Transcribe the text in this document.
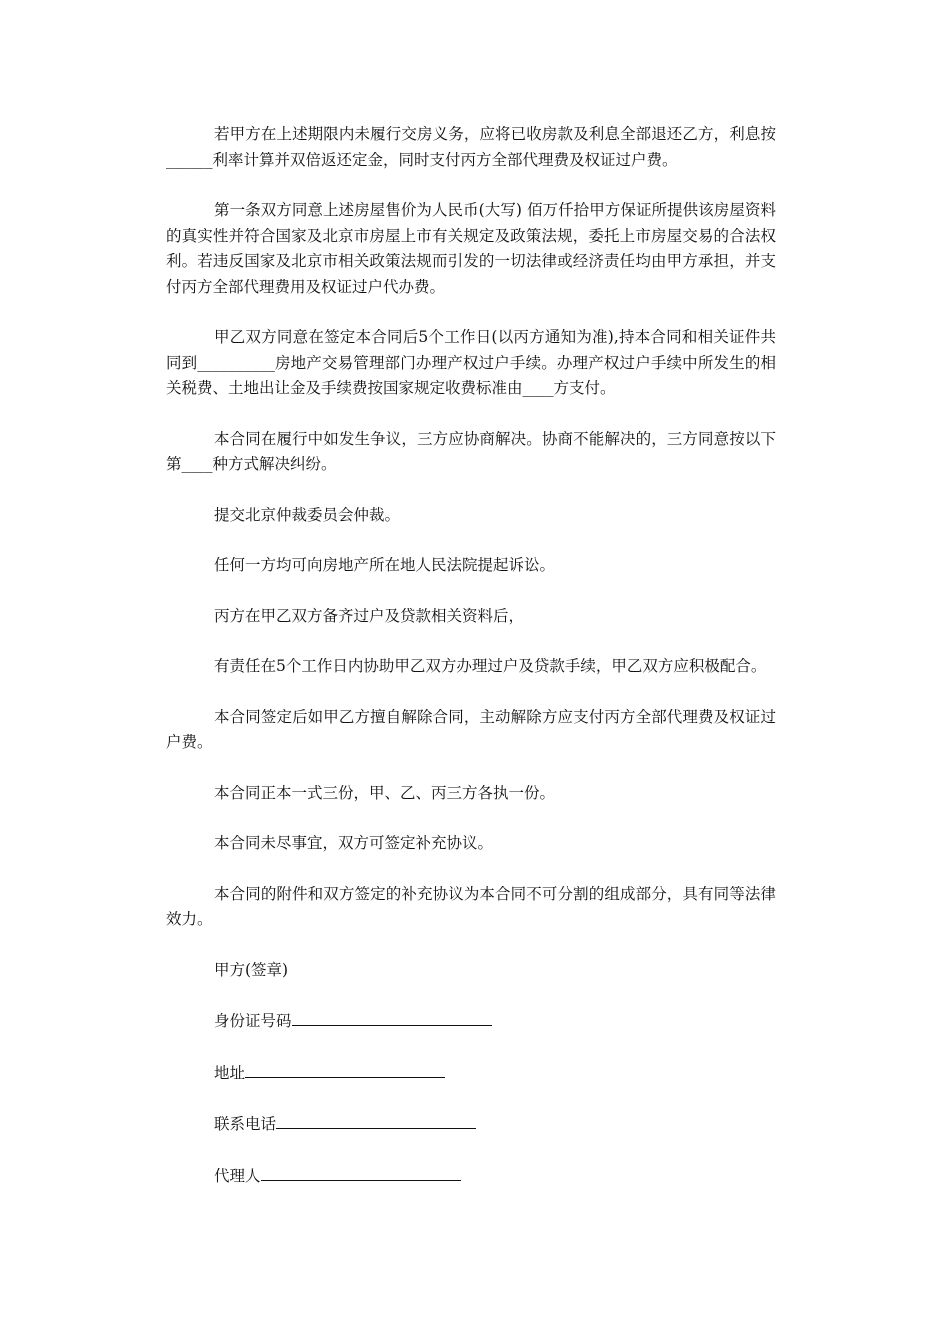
若甲方在上述期限内未履行交房义务，应将已收房款及利息全部退还乙方，利息按______利率计算并双倍返还定金，同时支付丙方全部代理费及权证过户费。

第一条双方同意上述房屋售价为人民币(大写) 佰万仟拾甲方保证所提供该房屋资料的真实性并符合国家及北京市房屋上市有关规定及政策法规，委托上市房屋交易的合法权利。若违反国家及北京市相关政策法规而引发的一切法律或经济责任均由甲方承担，并支付丙方全部代理费用及权证过户代办费。

甲乙双方同意在签定本合同后5个工作日(以丙方通知为准),持本合同和相关证件共同到__________房地产交易管理部门办理产权过户手续。办理产权过户手续中所发生的相关税费、土地出让金及手续费按国家规定收费标准由____方支付。

本合同在履行中如发生争议，三方应协商解决。协商不能解决的，三方同意按以下第____种方式解决纠纷。

提交北京仲裁委员会仲裁。

任何一方均可向房地产所在地人民法院提起诉讼。

丙方在甲乙双方备齐过户及贷款相关资料后，

有责任在5个工作日内协助甲乙双方办理过户及贷款手续，甲乙双方应积极配合。

本合同签定后如甲乙方擅自解除合同，主动解除方应支付丙方全部代理费及权证过户费。

本合同正本一式三份，甲、乙、丙三方各执一份。

本合同未尽事宜，双方可签定补充协议。

本合同的附件和双方签定的补充协议为本合同不可分割的组成部分，具有同等法律效力。

甲方(签章)
身份证号码
地址
联系电话
代理人
